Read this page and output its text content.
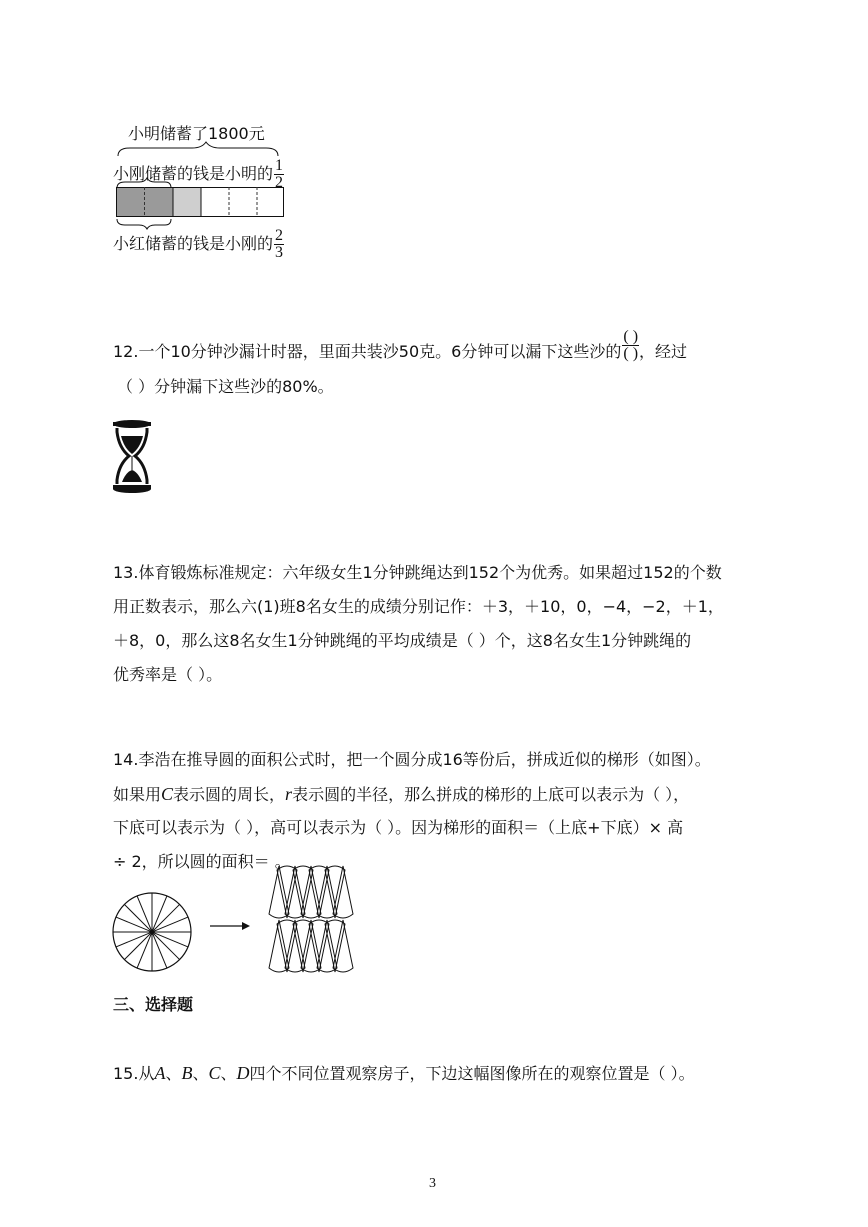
小明储蓄了1800元
小刚储蓄的钱是小明的 $\frac{1}{2}$
小红储蓄的钱是小刚的 $\frac{2}{3}$
12.一个10分钟沙漏计时器，里面共装沙50克。6分钟可以漏下这些沙的 $\frac{( )}{( )}$ ，经过
（ ）分钟漏下这些沙的80%。
13.体育锻炼标准规定：六年级女生1分钟跳绳达到152个为优秀。如果超过152的个数
用正数表示，那么六(1)班8名女生的成绩分别记作：＋3，＋10，0，−4，−2，＋1，
＋8，0，那么这8名女生1分钟跳绳的平均成绩是（ ）个，这8名女生1分钟跳绳的
优秀率是（ ）。
14.李浩在推导圆的面积公式时，把一个圆分成16等份后，拼成近似的梯形（如图）。
如果用C表示圆的周长，r表示圆的半径，那么拼成的梯形的上底可以表示为（ ），
下底可以表示为（ ），高可以表示为（ ）。因为梯形的面积＝（上底+下底）× 高
÷ 2，所以圆的面积＝ 。
三、选择题
15.从A、B、C、D四个不同位置观察房子，下边这幅图像所在的观察位置是（ ）。
3
